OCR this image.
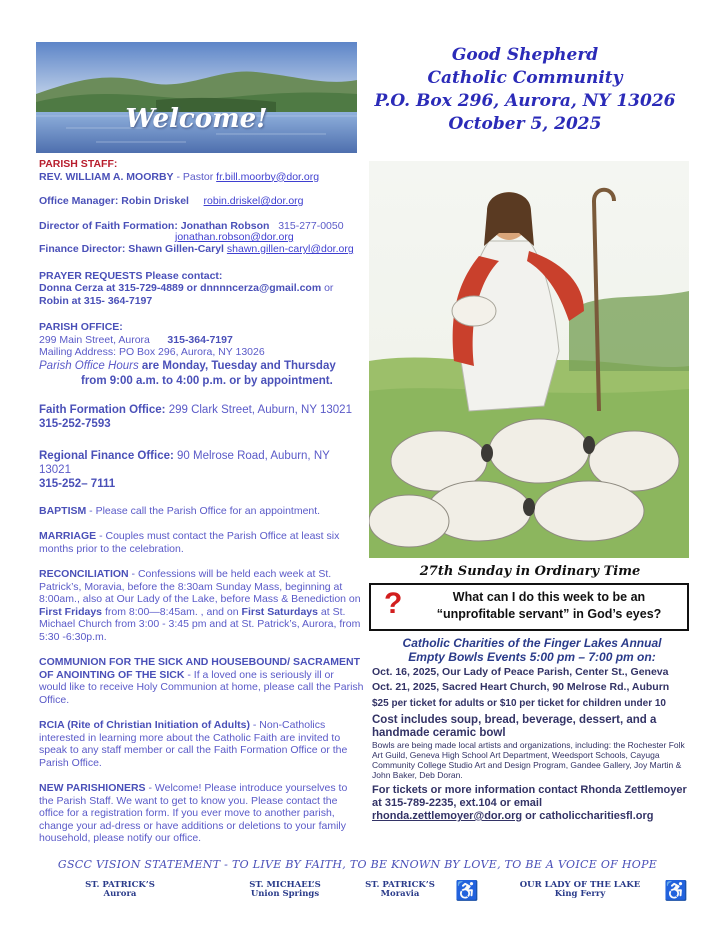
Welcome!
Good Shepherd
Catholic Community
P.O. Box 296, Aurora, NY 13026
October 5, 2025
PARISH STAFF:
REV. WILLIAM A. MOORBY - Pastor fr.bill.moorby@dor.org
Office Manager: Robin Driskel robin.driskel@dor.org
Director of Faith Formation: Jonathan Robson 315-277-0050
jonathan.robson@dor.org
Finance Director: Shawn Gillen-Caryl shawn.gillen-caryl@dor.org
PRAYER REQUESTS Please contact:
Donna Cerza at 315-729-4889 or dnnnncerza@gmail.com or
Robin at 315- 364-7197
PARISH OFFICE:
299 Main Street, Aurora 315-364-7197
Mailing Address: PO Box 296, Aurora, NY 13026
Parish Office Hours are Monday, Tuesday and Thursday
from 9:00 a.m. to 4:00 p.m. or by appointment.
Faith Formation Office: 299 Clark Street, Auburn, NY 13021
315-252-7593
Regional Finance Office: 90 Melrose Road, Auburn, NY 13021
315-252– 7111
BAPTISM - Please call the Parish Office for an appointment.
MARRIAGE - Couples must contact the Parish Office at least six months prior to the celebration.
RECONCILIATION - Confessions will be held each week at St. Patrick’s, Moravia, before the 8:30am Sunday Mass, beginning at 8:00am., also at Our Lady of the Lake, before Mass & Benediction on First Fridays from 8:00—8:45am. , and on First Saturdays at St. Michael Church from 3:00 - 3:45 pm and at St. Patrick’s, Aurora, from 5:30 -6:30p.m.
COMMUNION FOR THE SICK AND HOUSEBOUND/ SACRAMENT OF ANOINTING OF THE SICK - If a loved one is seriously ill or would like to receive Holy Communion at home, please call the Parish Office.
RCIA (Rite of Christian Initiation of Adults) - Non-Catholics interested in learning more about the Catholic Faith are invited to speak to any staff member or call the Faith Formation Office or the Parish Office.
NEW PARISHIONERS - Welcome! Please introduce yourselves to the Parish Staff. We want to get to know you. Please contact the office for a registration form. If you ever move to another parish, change your ad-dress or have additions or deletions to your family household, please notify our office.
27th Sunday in Ordinary Time
?	What can I do this week to be an “unprofitable servant” in God’s eyes?
Catholic Charities of the Finger Lakes Annual
Empty Bowls Events 5:00 pm – 7:00 pm on:
Oct. 16, 2025, Our Lady of Peace Parish, Center St., Geneva
Oct. 21, 2025, Sacred Heart Church, 90 Melrose Rd., Auburn
$25 per ticket for adults or $10 per ticket for children under 10
Cost includes soup, bread, beverage, dessert, and a handmade ceramic bowl
Bowls are being made local artists and organizations, including: the Rochester Folk Art Guild, Geneva High School Art Department, Weedsport Schools, Cayuga Community College Studio Art and Design Program, Gandee Gallery, Joy Martin & John Baker, Deb Doran.
For tickets or more information contact Rhonda Zettlemoyer at 315-789-2235, ext.104 or email rhonda.zettlemoyer@dor.org or catholiccharitiesfl.org
GSCC VISION STATEMENT - TO LIVE BY FAITH, TO BE KNOWN BY LOVE, TO BE A VOICE OF HOPE
ST. PATRICK’S
Aurora
ST. MICHAEL’S
Union Springs
ST. PATRICK’S
Moravia	♿	OUR LADY OF THE LAKE
King Ferry	♿
